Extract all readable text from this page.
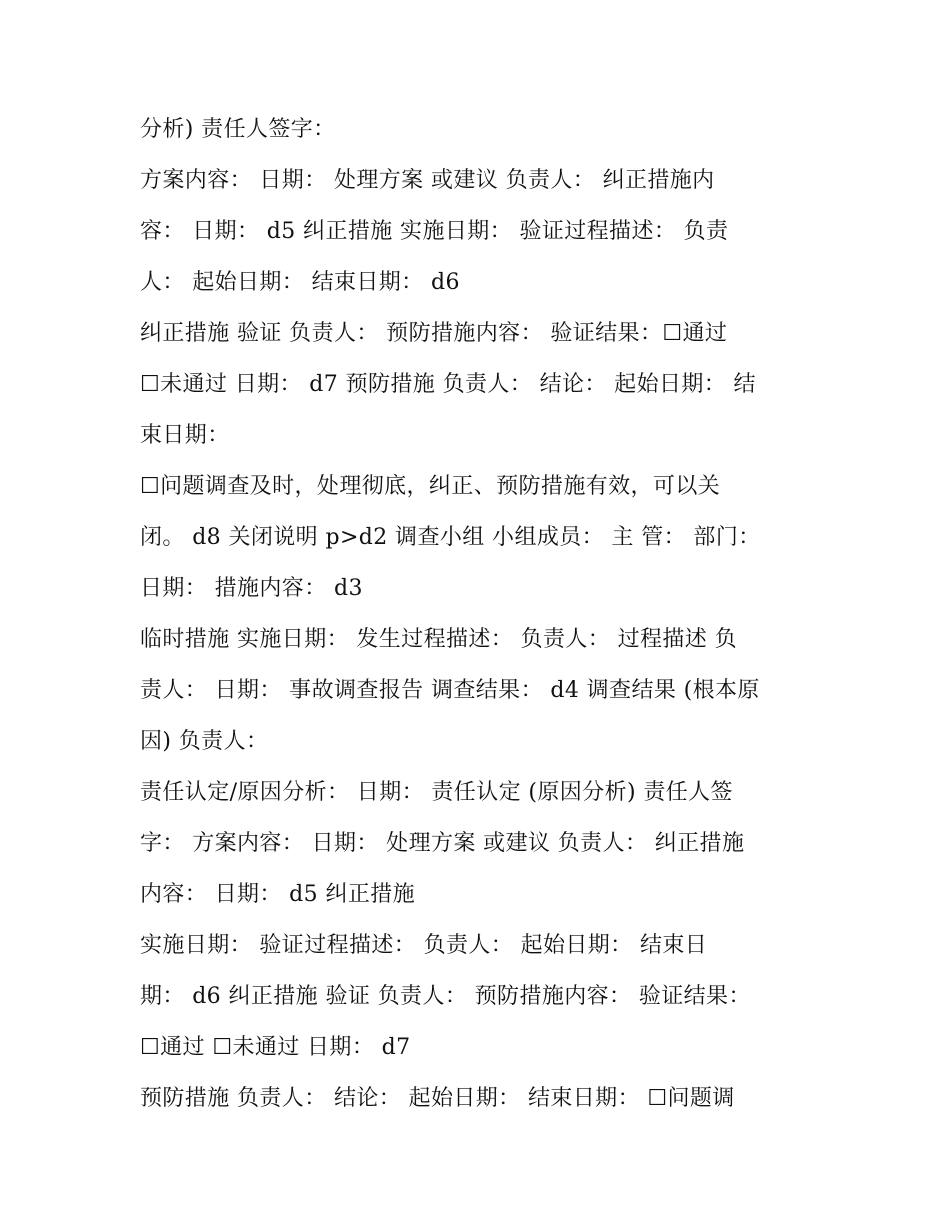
分析) 责任人签字：
方案内容： 日期： 处理方案 或建议 负责人： 纠正措施内
容： 日期： d5 纠正措施 实施日期： 验证过程描述： 负责
人： 起始日期： 结束日期： d6
纠正措施 验证 负责人： 预防措施内容： 验证结果：☐通过
☐未通过 日期： d7 预防措施 负责人： 结论： 起始日期： 结
束日期：
☐问题调查及时，处理彻底，纠正、预防措施有效，可以关
闭。 d8 关闭说明 p>d2 调查小组 小组成员： 主 管： 部门：
日期： 措施内容： d3
临时措施 实施日期： 发生过程描述： 负责人： 过程描述 负
责人： 日期： 事故调查报告 调查结果： d4 调查结果 (根本原
因) 负责人：
责任认定/原因分析： 日期： 责任认定 (原因分析) 责任人签
字： 方案内容： 日期： 处理方案 或建议 负责人： 纠正措施
内容： 日期： d5 纠正措施
实施日期： 验证过程描述： 负责人： 起始日期： 结束日
期： d6 纠正措施 验证 负责人： 预防措施内容： 验证结果：
☐通过 ☐未通过 日期： d7
预防措施 负责人： 结论： 起始日期： 结束日期： ☐问题调
